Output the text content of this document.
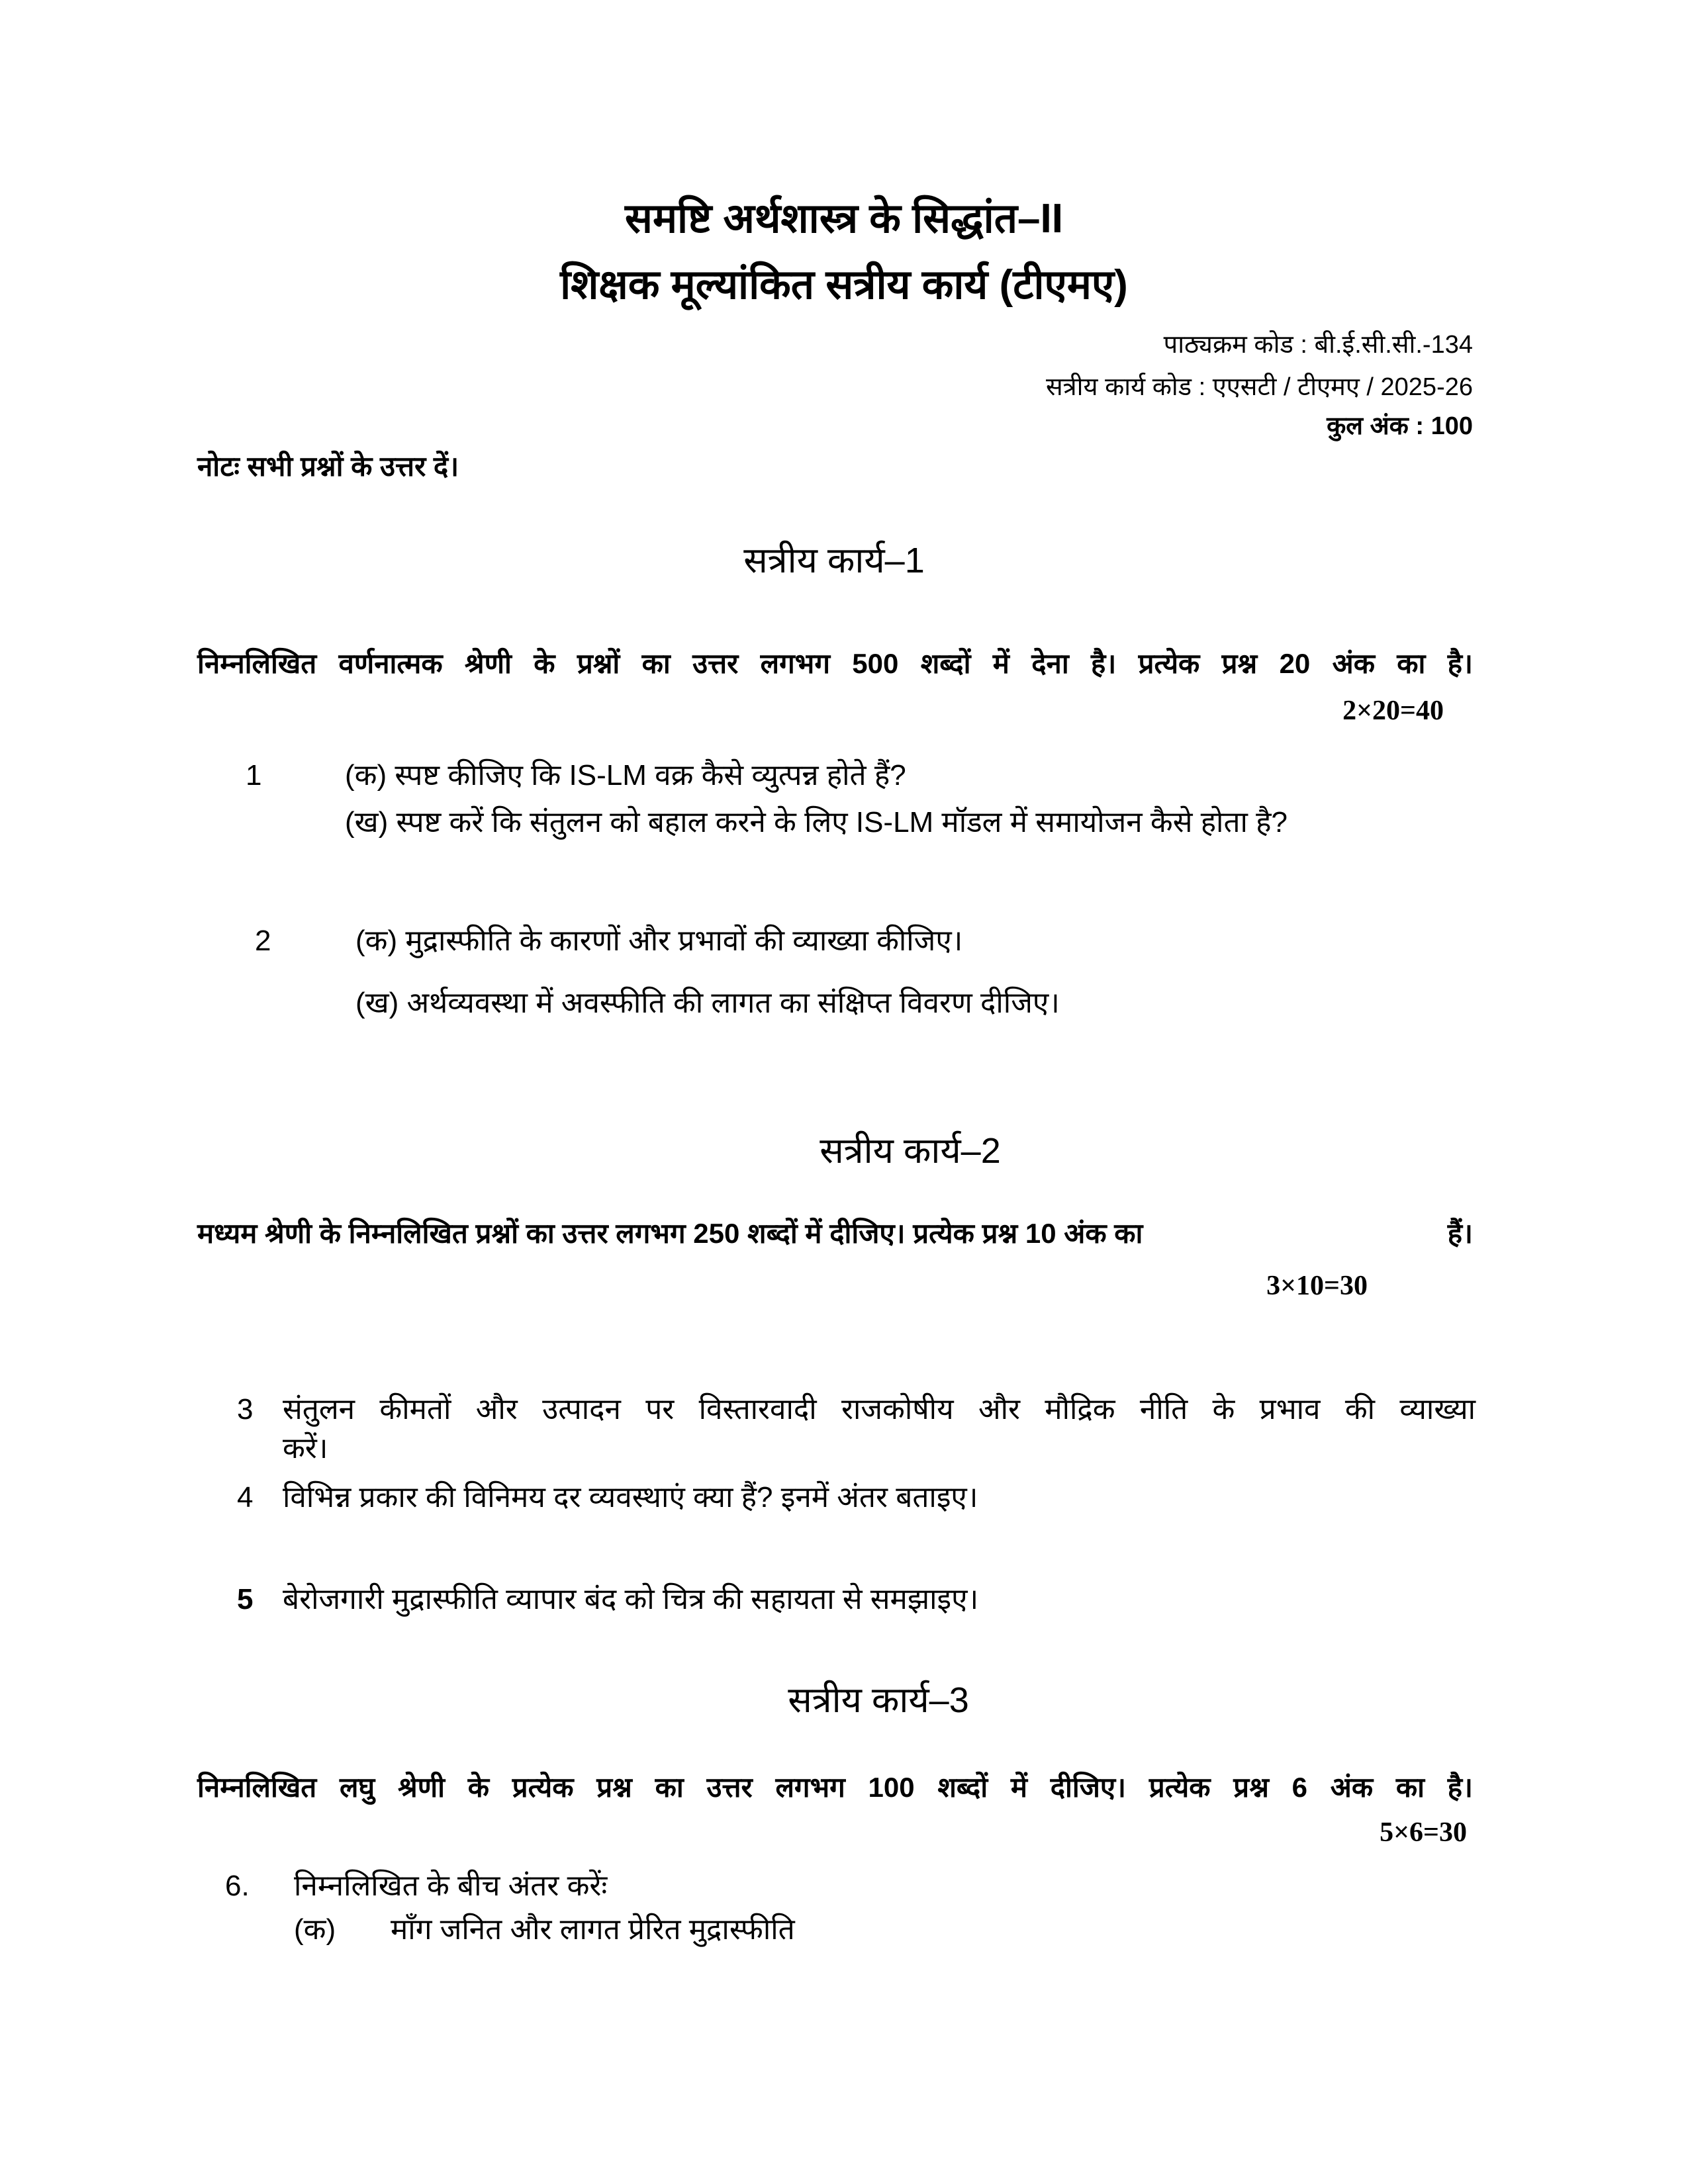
समष्टि अर्थशास्त्र के सिद्धांत–II
शिक्षक मूल्यांकित सत्रीय कार्य (टीएमए)
पाठ्यक्रम कोड : बी.ई.सी.सी.-134
सत्रीय कार्य कोड : एएसटी / टीएमए / 2025-26
कुल अंक : 100
नोटः सभी प्रश्नों के उत्तर दें।
सत्रीय कार्य–1
निम्नलिखित वर्णनात्मक श्रेणी के प्रश्नों का उत्तर लगभग 500 शब्दों में देना है। प्रत्येक प्रश्न 20 अंक का है।
2×20=40
1	(क) स्पष्ट कीजिए कि IS-LM वक्र कैसे व्युत्पन्न होते हैं?
(ख) स्पष्ट करें कि संतुलन को बहाल करने के लिए IS-LM मॉडल में समायोजन कैसे होता है?
2	(क) मुद्रास्फीति के कारणों और प्रभावों की व्याख्या कीजिए।
(ख) अर्थव्यवस्था में अवस्फीति की लागत का संक्षिप्त विवरण दीजिए।
सत्रीय कार्य–2
मध्यम श्रेणी के निम्नलिखित प्रश्नों का उत्तर लगभग 250 शब्दों में दीजिए। प्रत्येक प्रश्न 10 अंक का	हैं।
3×10=30
3 संतुलन कीमतों और उत्पादन पर विस्तारवादी राजकोषीय और मौद्रिक नीति के प्रभाव की व्याख्या
करें।
4 विभिन्न प्रकार की विनिमय दर व्यवस्थाएं क्या हैं? इनमें अंतर बताइए।
5 बेरोजगारी मुद्रास्फीति व्यापार बंद को चित्र की सहायता से समझाइए।
सत्रीय कार्य–3
निम्नलिखित लघु श्रेणी के प्रत्येक प्रश्न का उत्तर लगभग 100 शब्दों में दीजिए। प्रत्येक प्रश्न 6 अंक का है।
5×6=30
6. निम्नलिखित के बीच अंतर करेंः
(क) माँग जनित और लागत प्रेरित मुद्रास्फीति
